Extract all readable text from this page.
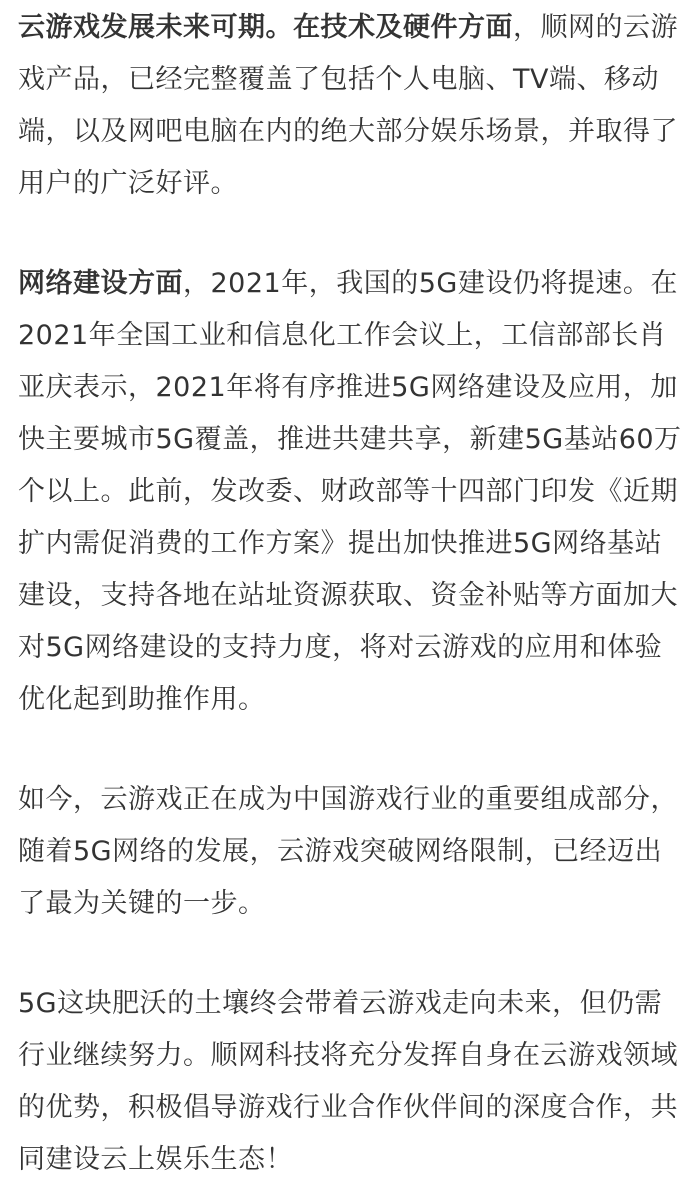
云游戏发展未来可期。在技术及硬件方面，顺网的云游戏产品，已经完整覆盖了包括个人电脑、TV端、移动端，以及网吧电脑在内的绝大部分娱乐场景，并取得了用户的广泛好评。

网络建设方面，2021年，我国的5G建设仍将提速。在2021年全国工业和信息化工作会议上，工信部部长肖亚庆表示，2021年将有序推进5G网络建设及应用，加快主要城市5G覆盖，推进共建共享，新建5G基站60万个以上。此前，发改委、财政部等十四部门印发《近期扩内需促消费的工作方案》提出加快推进5G网络基站建设，支持各地在站址资源获取、资金补贴等方面加大对5G网络建设的支持力度，将对云游戏的应用和体验优化起到助推作用。

如今，云游戏正在成为中国游戏行业的重要组成部分，随着5G网络的发展，云游戏突破网络限制，已经迈出了最为关键的一步。

5G这块肥沃的土壤终会带着云游戏走向未来，但仍需行业继续努力。顺网科技将充分发挥自身在云游戏领域的优势，积极倡导游戏行业合作伙伴间的深度合作，共同建设云上娱乐生态！
